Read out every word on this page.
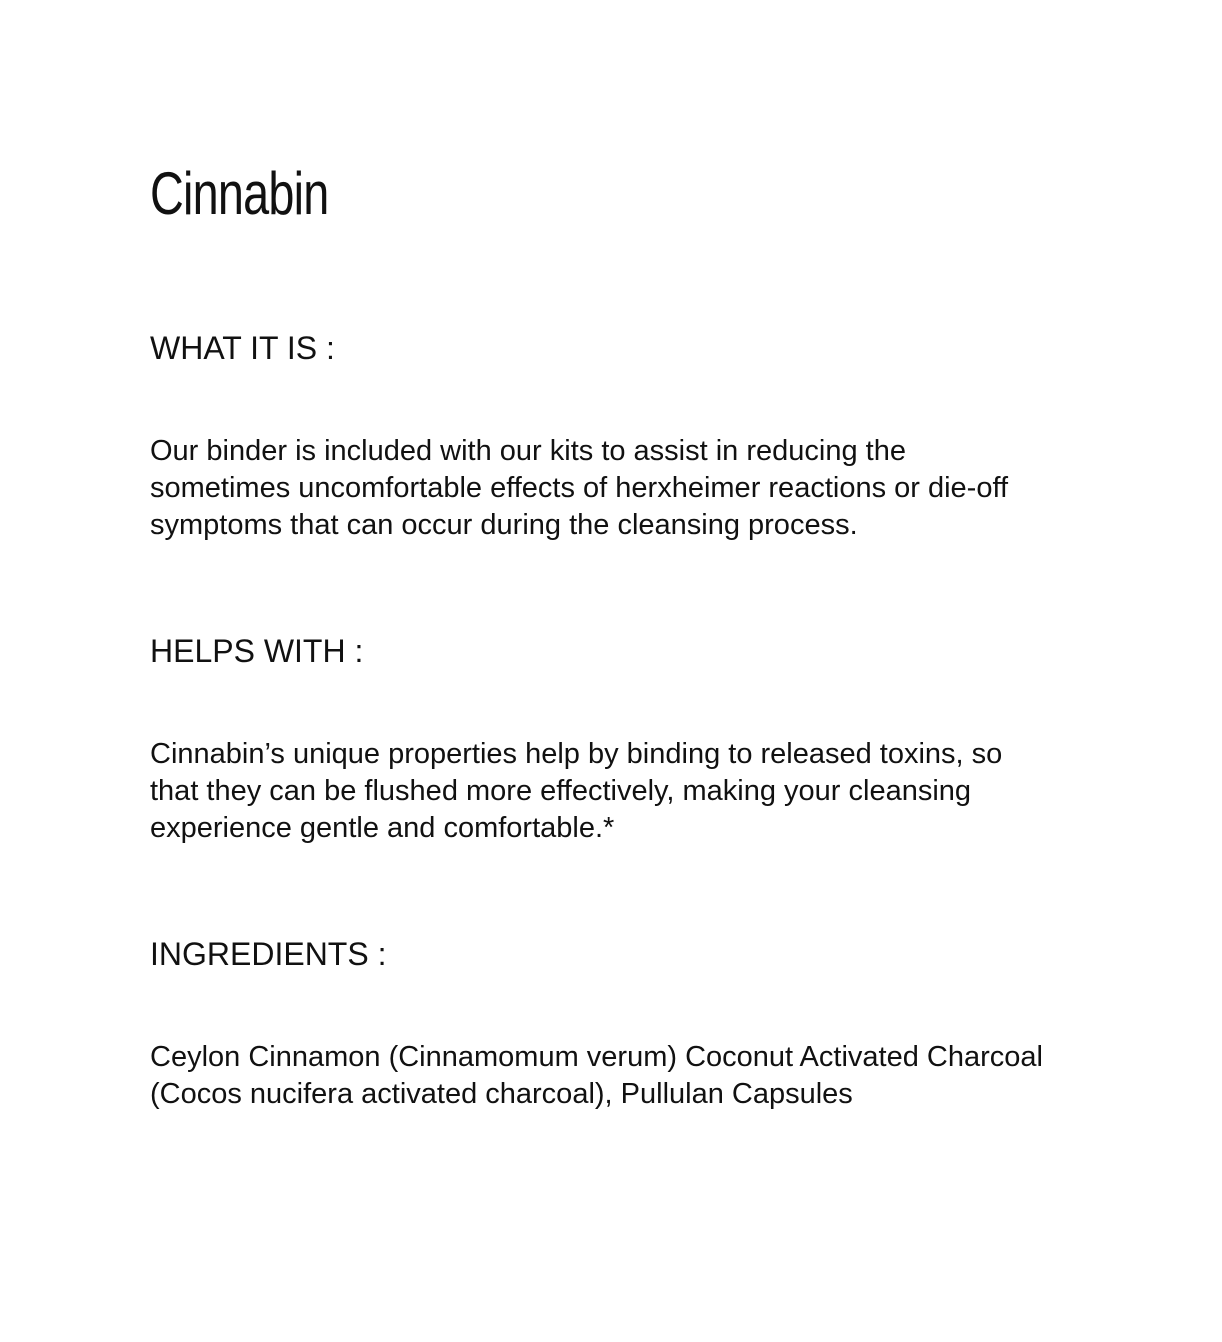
Cinnabin
WHAT IT IS :

Our binder is included with our kits to assist in reducing the sometimes uncomfortable effects of herxheimer reactions or die-off symptoms that can occur during the cleansing process.

HELPS WITH :

Cinnabin’s unique properties help by binding to released toxins, so that they can be flushed more effectively, making your cleansing experience gentle and comfortable.*

INGREDIENTS :

Ceylon Cinnamon (Cinnamomum verum) Coconut Activated Charcoal (Cocos nucifera activated charcoal), Pullulan Capsules
